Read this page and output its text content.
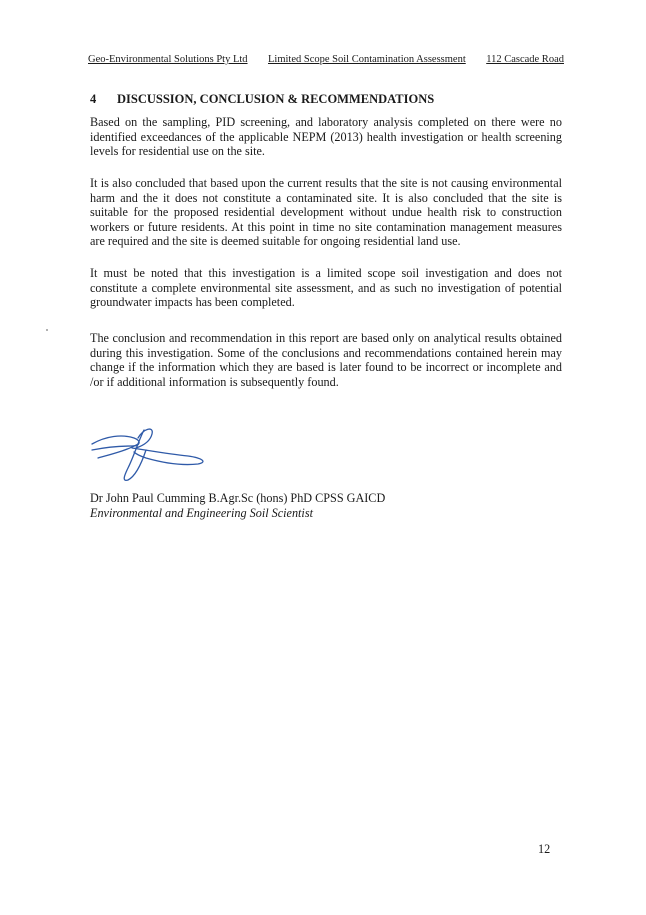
Geo-Environmental Solutions Pty Ltd Limited Scope Soil Contamination Assessment 112 Cascade Road
4 DISCUSSION, CONCLUSION & RECOMMENDATIONS

Based on the sampling, PID screening, and laboratory analysis completed on there were no identified exceedances of the applicable NEPM (2013) health investigation or health screening levels for residential use on the site.

It is also concluded that based upon the current results that the site is not causing environmental harm and the it does not constitute a contaminated site. It is also concluded that the site is suitable for the proposed residential development without undue health risk to construction workers or future residents. At this point in time no site contamination management measures are required and the site is deemed suitable for ongoing residential land use.

It must be noted that this investigation is a limited scope soil investigation and does not constitute a complete environmental site assessment, and as such no investigation of potential groundwater impacts has been completed.

The conclusion and recommendation in this report are based only on analytical results obtained during this investigation. Some of the conclusions and recommendations contained herein may change if the information which they are based is later found to be incorrect or incomplete and /or if additional information is subsequently found.

Dr John Paul Cumming B.Agr.Sc (hons) PhD CPSS GAICD
Environmental and Engineering Soil Scientist
12
